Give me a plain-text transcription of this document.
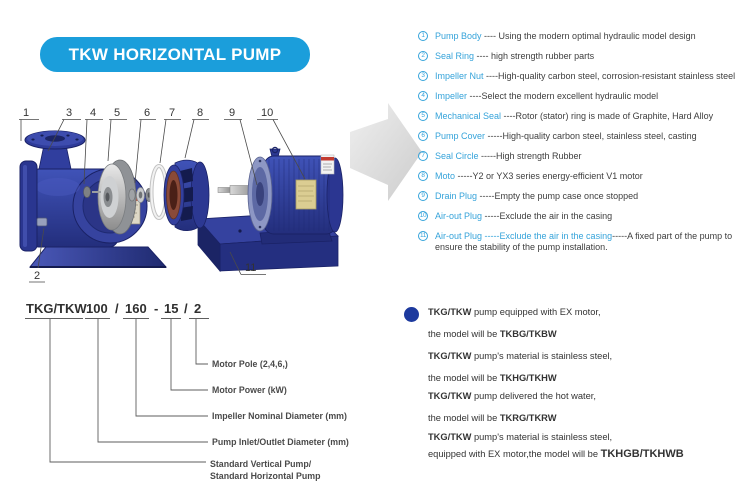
TKW HORIZONTAL PUMP
1	3 4 5 6 7 8 9 10
2
11
1	Pump Body ---- Using the modern optimal hydraulic model design
2	Seal Ring ---- high strength rubber parts
3	Impeller Nut ----High-quality carbon steel, corrosion-resistant stainless steel
4	Impeller ----Select the modern excellent hydraulic model
5	Mechanical Seal ----Rotor (stator) ring is made of Graphite, Hard Alloy
6	Pump Cover -----High-quality carbon steel, stainless steel, casting
7	Seal Circle -----High strength Rubber
8	Moto -----Y2 or YX3 series energy-efficient V1 motor
9	Drain Plug -----Empty the pump case once stopped
10 Air-out Plug -----Exclude the air in the casing
11 Air-out Plug -----Exclude the air in the casing-----A fixed part of the pump to ensure the stability of the pump installation.
TKG/TKW 100 / 160 - 15 / 2
Motor Pole (2,4,6,)
Motor Power (kW)
Impeller Nominal Diameter (mm)
Pump Inlet/Outlet Diameter (mm)
Standard Vertical Pump/
Standard Horizontal Pump
TKG/TKW pump equipped with EX motor,
the model will be TKBG/TKBW
TKG/TKW pump's material is stainless steel,
the model will be TKHG/TKHW
TKG/TKW pump delivered the hot water,
the model will be TKRG/TKRW
TKG/TKW pump's material is stainless steel,
equipped with EX motor,the model will be TKHGB/TKHWB
